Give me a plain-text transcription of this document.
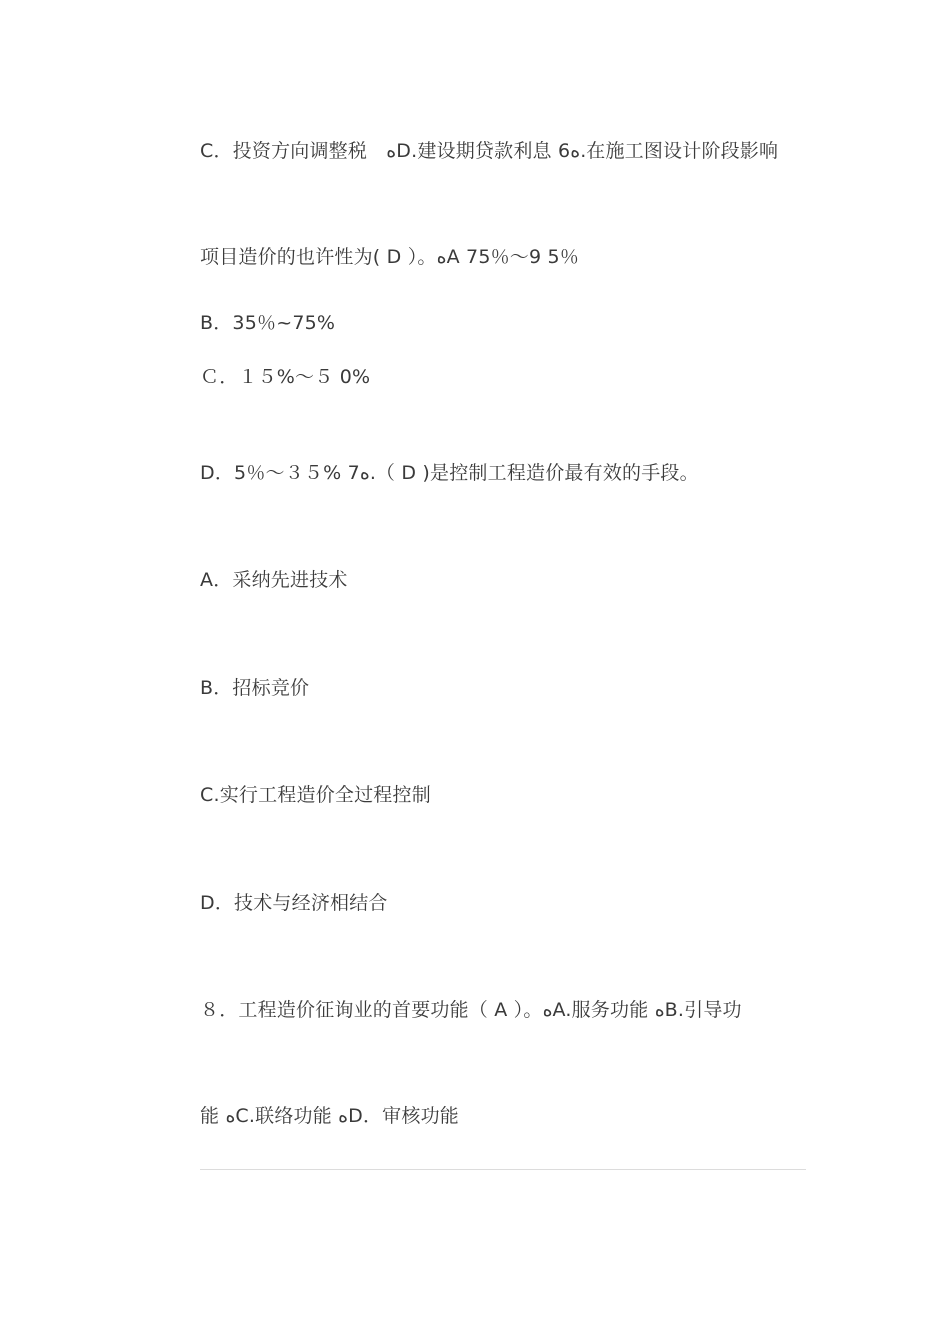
C．投资方向调整税　ﻩD.建设期贷款利息 6ﻩ.在施工图设计阶段影响
项目造价的也许性为( D ）。ﻩA 75％～9 5％
B．35％~75%
Ｃ．１５%～５ 0%
D．5％～３５% 7ﻩ.（ D )是控制工程造价最有效的手段。
A．采纳先进技术
B．招标竞价
C.实行工程造价全过程控制
D．技术与经济相结合
８．工程造价征询业的首要功能（ A ）。ﻩA.服务功能 ﻩB.引导功
能 ﻩC.联络功能 ﻩD．审核功能
